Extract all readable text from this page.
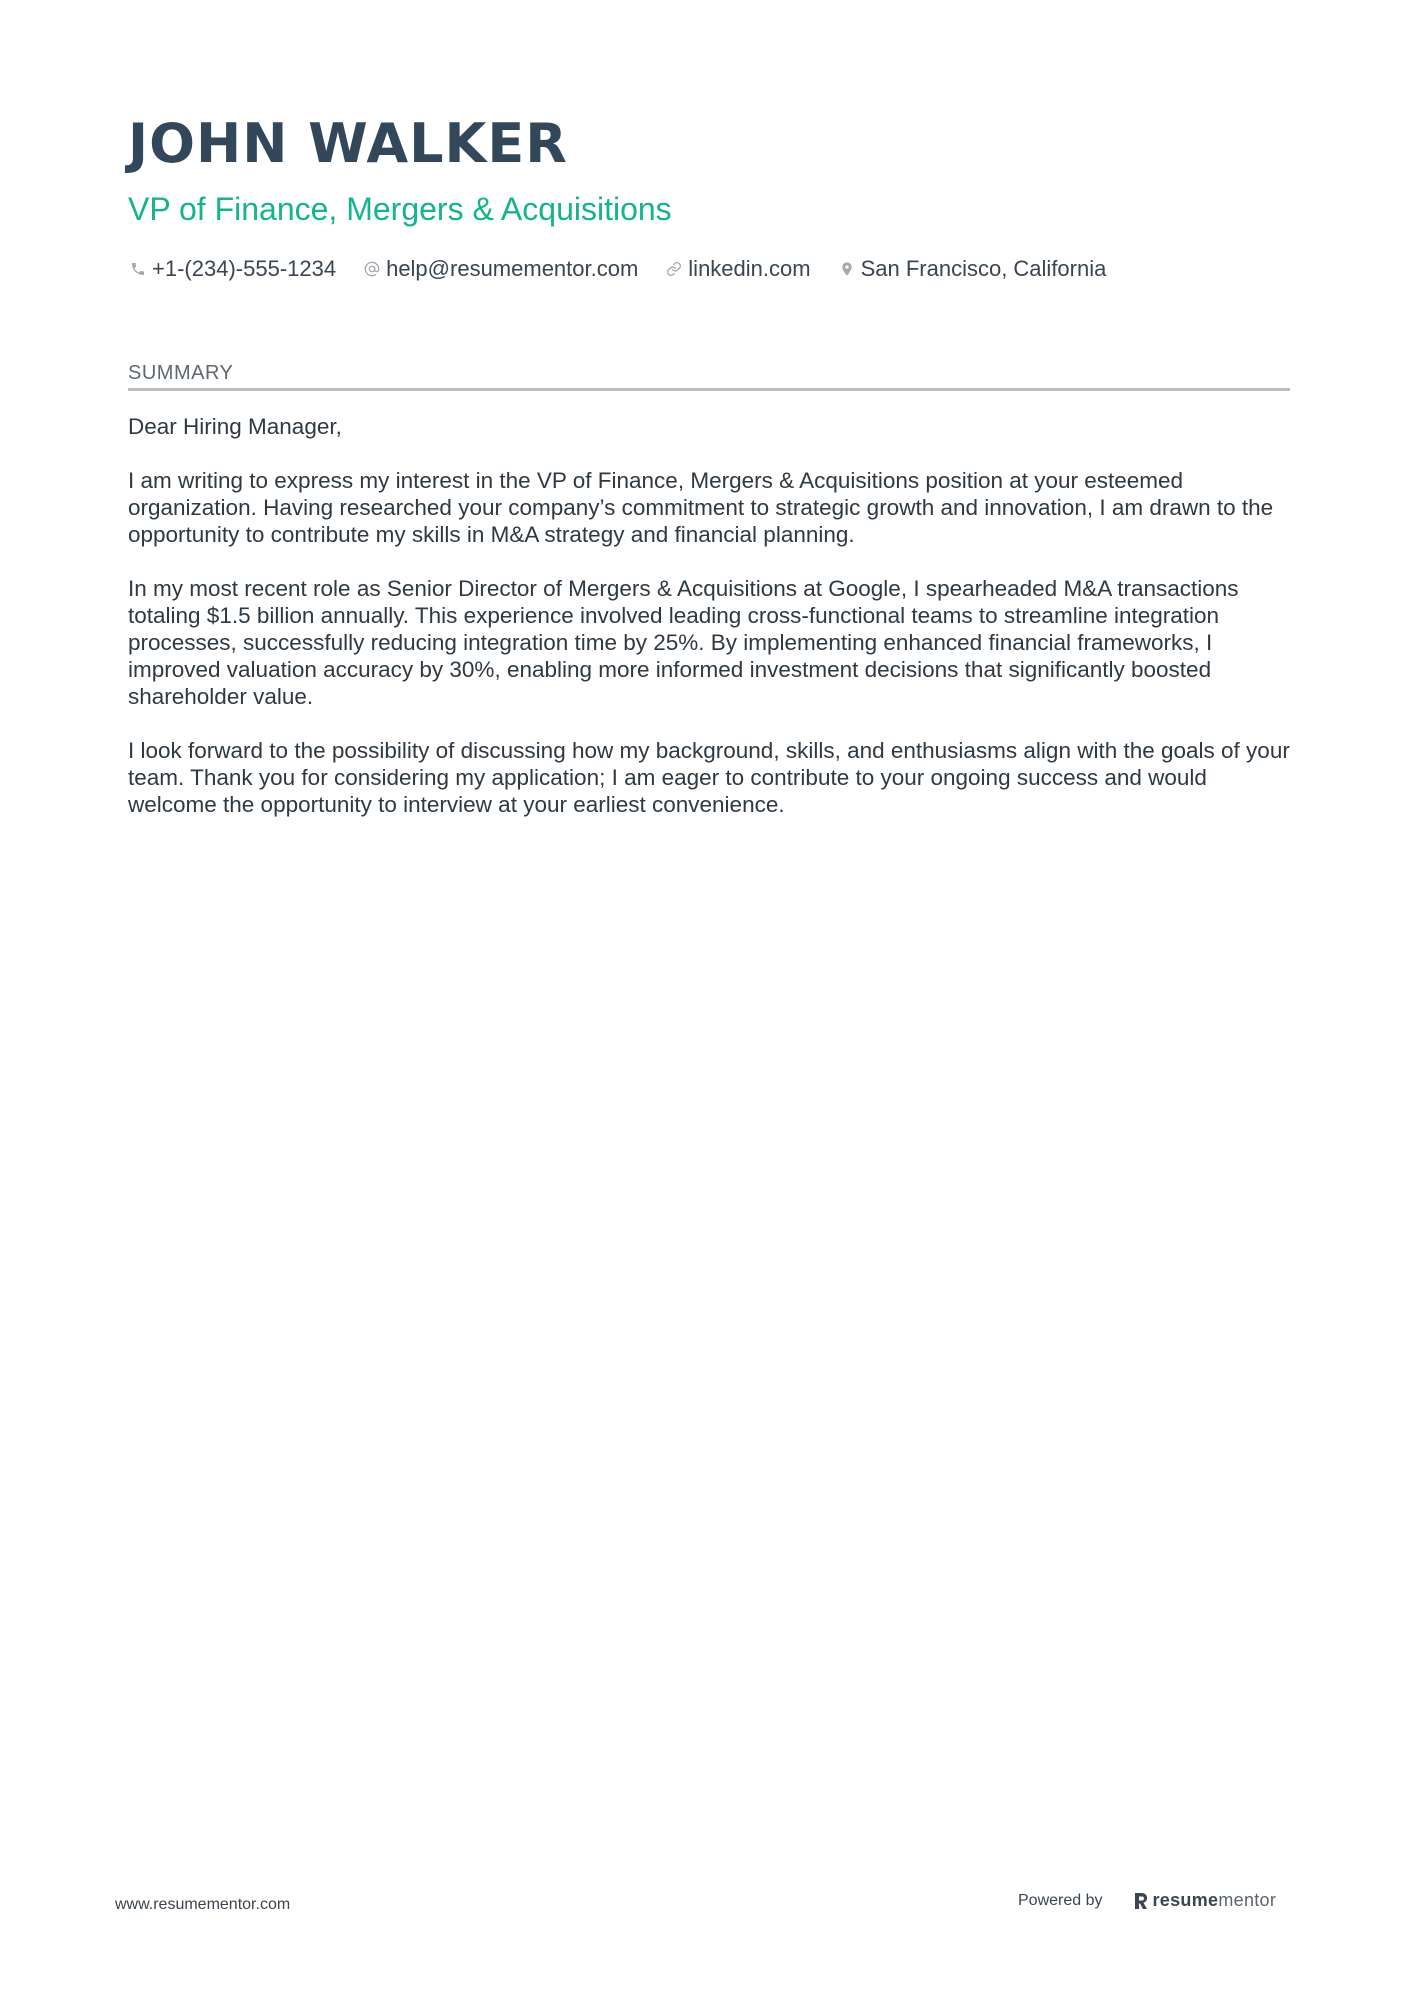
JOHN WALKER
VP of Finance, Mergers & Acquisitions
+1-(234)-555-1234 help@resumementor.com linkedin.com San Francisco, California
SUMMARY

Dear Hiring Manager,

I am writing to express my interest in the VP of Finance, Mergers & Acquisitions position at your esteemed organization. Having researched your company’s commitment to strategic growth and innovation, I am drawn to the opportunity to contribute my skills in M&A strategy and financial planning.

In my most recent role as Senior Director of Mergers & Acquisitions at Google, I spearheaded M&A transactions totaling $1.5 billion annually. This experience involved leading cross-functional teams to streamline integration processes, successfully reducing integration time by 25%. By implementing enhanced financial frameworks, I improved valuation accuracy by 30%, enabling more informed investment decisions that significantly boosted shareholder value.

I look forward to the possibility of discussing how my background, skills, and enthusiasms align with the goals of your team. Thank you for considering my application; I am eager to contribute to your ongoing success and would welcome the opportunity to interview at your earliest convenience.

www.resumementor.com	Powered by	resume mentor
